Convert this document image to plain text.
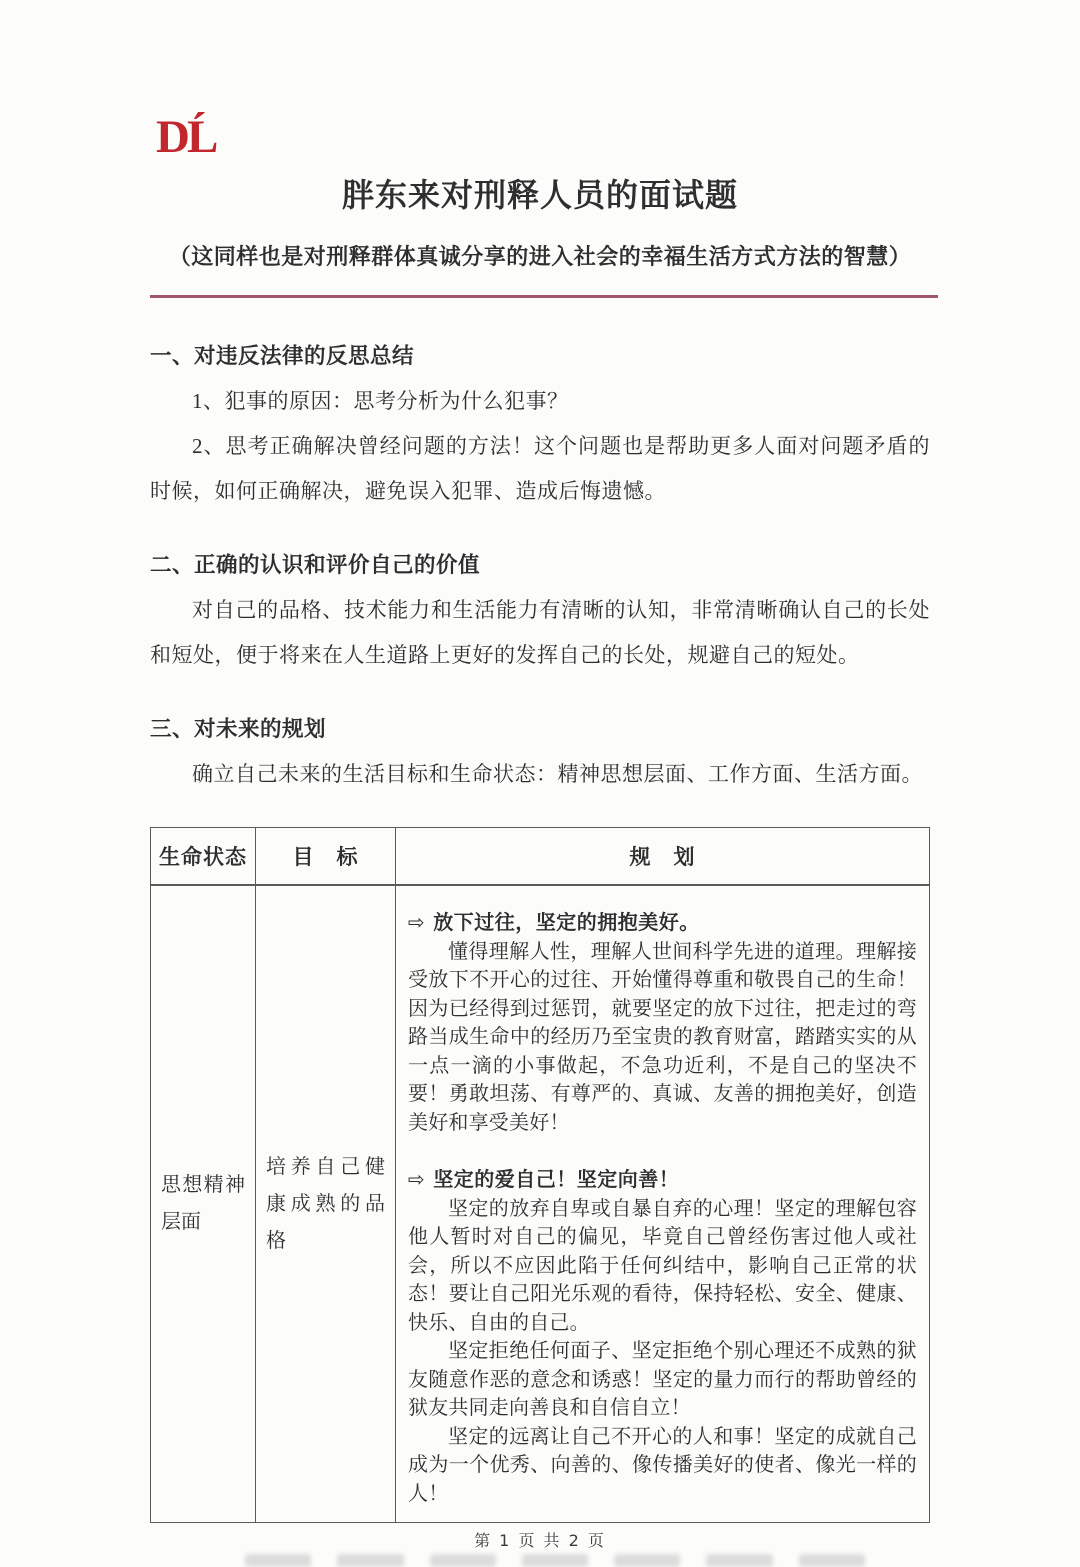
DĹ
胖东来对刑释人员的面试题
（这同样也是对刑释群体真诚分享的进入社会的幸福生活方式方法的智慧）
一、对违反法律的反思总结

1、犯事的原因：思考分析为什么犯事？

2、思考正确解决曾经问题的方法！这个问题也是帮助更多人面对问题矛盾的时候，如何正确解决，避免误入犯罪、造成后悔遗憾。

二、正确的认识和评价自己的价值

对自己的品格、技术能力和生活能力有清晰的认知，非常清晰确认自己的长处和短处，便于将来在人生道路上更好的发挥自己的长处，规避自己的短处。

三、对未来的规划

确立自己未来的生活目标和生命状态：精神思想层面、工作方面、生活方面。

生命状态	目　标	规　划
思想精神层面	培养自己健康成熟的品格	

⇨ 放下过往，坚定的拥抱美好。

懂得理解人性，理解人世间科学先进的道理。理解接受放下不开心的过往、开始懂得尊重和敬畏自己的生命！因为已经得到过惩罚，就要坚定的放下过往，把走过的弯路当成生命中的经历乃至宝贵的教育财富，踏踏实实的从一点一滴的小事做起，不急功近利，不是自己的坚决不要！勇敢坦荡、有尊严的、真诚、友善的拥抱美好，创造美好和享受美好！

⇨ 坚定的爱自己！坚定向善！

坚定的放弃自卑或自暴自弃的心理！坚定的理解包容他人暂时对自己的偏见，毕竟自己曾经伤害过他人或社会，所以不应因此陷于任何纠结中，影响自己正常的状态！要让自己阳光乐观的看待，保持轻松、安全、健康、快乐、自由的自己。

坚定拒绝任何面子、坚定拒绝个别心理还不成熟的狱友随意作恶的意念和诱惑！坚定的量力而行的帮助曾经的狱友共同走向善良和自信自立！

坚定的远离让自己不开心的人和事！坚定的成就自己成为一个优秀、向善的、像传播美好的使者、像光一样的人！

第 1 页 共 2 页
